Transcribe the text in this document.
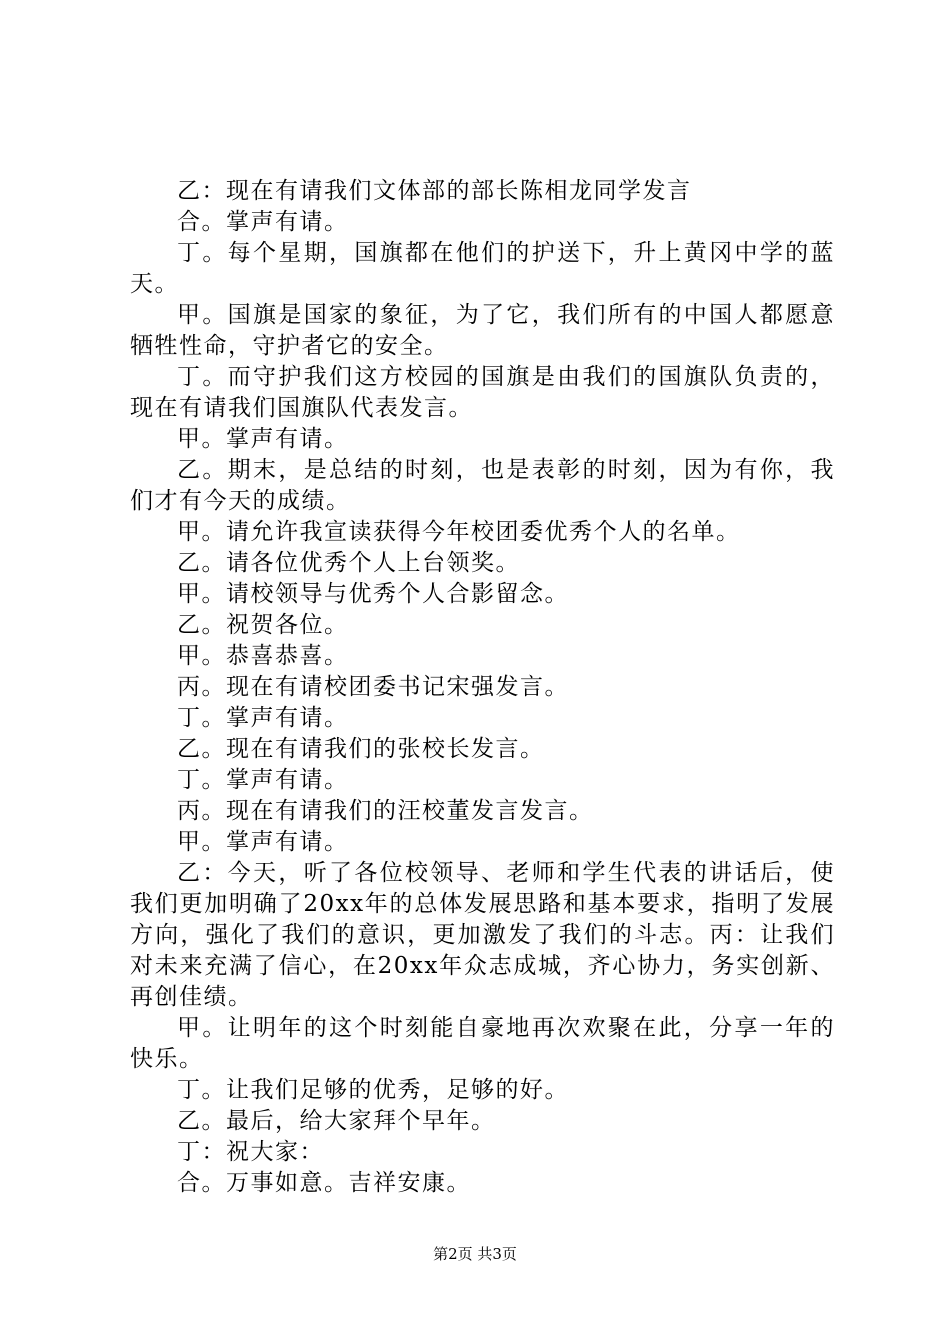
乙：现在有请我们文体部的部长陈相龙同学发言

合。掌声有请。

丁。每个星期，国旗都在他们的护送下，升上黄冈中学的蓝天。

甲。国旗是国家的象征，为了它，我们所有的中国人都愿意牺牲性命，守护者它的安全。

丁。而守护我们这方校园的国旗是由我们的国旗队负责的，现在有请我们国旗队代表发言。

甲。掌声有请。

乙。期末，是总结的时刻，也是表彰的时刻，因为有你，我们才有今天的成绩。

甲。请允许我宣读获得今年校团委优秀个人的名单。

乙。请各位优秀个人上台领奖。

甲。请校领导与优秀个人合影留念。

乙。祝贺各位。

甲。恭喜恭喜。

丙。现在有请校团委书记宋强发言。

丁。掌声有请。

乙。现在有请我们的张校长发言。

丁。掌声有请。

丙。现在有请我们的汪校董发言发言。

甲。掌声有请。

乙：今天，听了各位校领导、老师和学生代表的讲话后，使我们更加明确了20xx年的总体发展思路和基本要求，指明了发展方向，强化了我们的意识，更加激发了我们的斗志。丙：让我们对未来充满了信心，在20xx年众志成城，齐心协力，务实创新、再创佳绩。

甲。让明年的这个时刻能自豪地再次欢聚在此，分享一年的快乐。

丁。让我们足够的优秀，足够的好。

乙。最后，给大家拜个早年。

丁：祝大家：

合。万事如意。吉祥安康。

第2页 共3页
